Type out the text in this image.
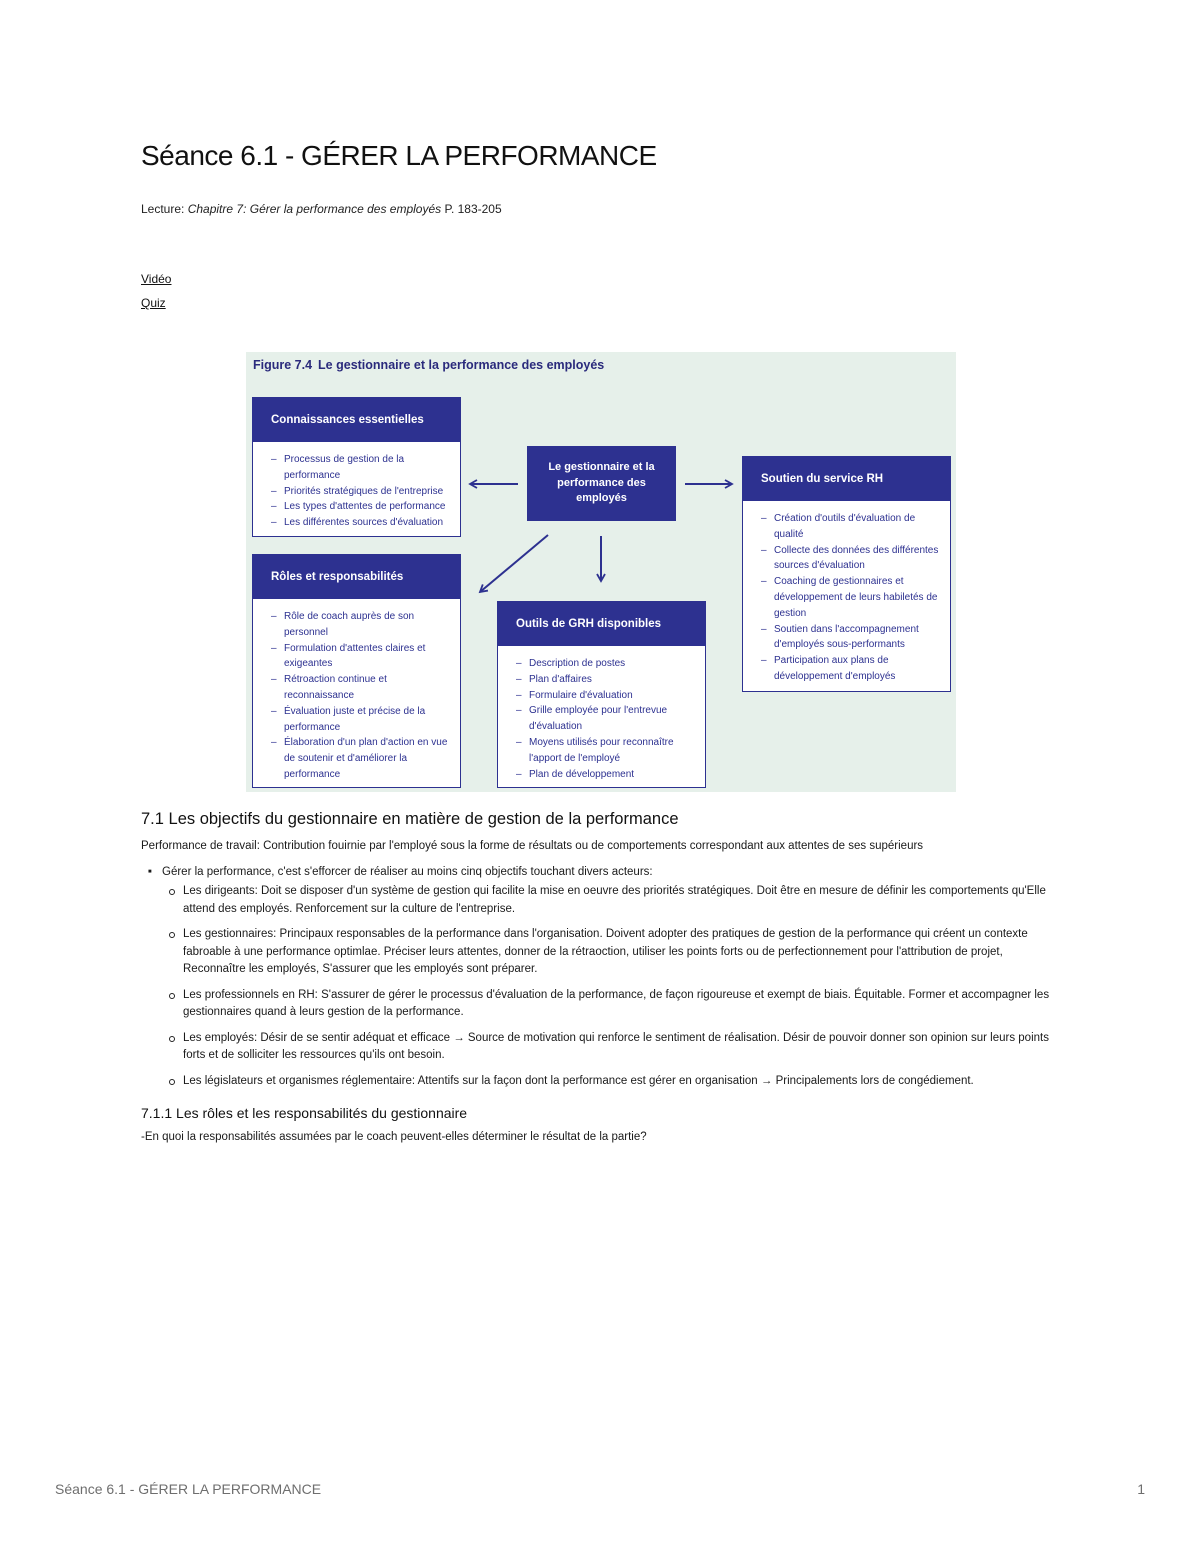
Séance 6.1 - GÉRER LA PERFORMANCE
Lecture: Chapitre 7: Gérer la performance des employés P. 183-205
Vidéo
Quiz
Figure 7.4 Le gestionnaire et la performance des employés
Le gestionnaire et la performance des employés
Connaissances essentielles
– Processus de gestion de la performance
– Priorités stratégiques de l'entreprise
– Les types d'attentes de performance
– Les différentes sources d'évaluation
Soutien du service RH
– Création d'outils d'évaluation de qualité
– Collecte des données des différentes sources d'évaluation
– Coaching de gestionnaires et développement de leurs habiletés de gestion
– Soutien dans l'accompagnement d'employés sous-performants
– Participation aux plans de développement d'employés
Rôles et responsabilités
– Rôle de coach auprès de son personnel
– Formulation d'attentes claires et exigeantes
– Rétroaction continue et reconnaissance
– Évaluation juste et précise de la performance
– Élaboration d'un plan d'action en vue de soutenir et d'améliorer la performance
Outils de GRH disponibles
– Description de postes
– Plan d'affaires
– Formulaire d'évaluation
– Grille employée pour l'entrevue d'évaluation
– Moyens utilisés pour reconnaître l'apport de l'employé
– Plan de développement
7.1 Les objectifs du gestionnaire en matière de gestion de la performance
Performance de travail: Contribution fouirnie par l'employé sous la forme de résultats ou de comportements correspondant aux attentes de ses supérieurs
■ Gérer la performance, c'est s'efforcer de réaliser au moins cinq objectifs touchant divers acteurs:
Les dirigeants: Doit se disposer d'un système de gestion qui facilite la mise en oeuvre des priorités stratégiques. Doit être en mesure de définir les comportements qu'Elle attend des employés. Renforcement sur la culture de l'entreprise.
Les gestionnaires: Principaux responsables de la performance dans l'organisation. Doivent adopter des pratiques de gestion de la performance qui créent un contexte fabroable à une performance optimlae. Préciser leurs attentes, donner de la rétraoction, utiliser les points forts ou de perfectionnement pour l'attribution de projet, Reconnaître les employés, S'assurer que les employés sont préparer.
Les professionnels en RH: S'assurer de gérer le processus d'évaluation de la performance, de façon rigoureuse et exempt de biais. Équitable. Former et accompagner les gestionnaires quand à leurs gestion de la performance.
Les employés: Désir de se sentir adéquat et efficace → Source de motivation qui renforce le sentiment de réalisation. Désir de pouvoir donner son opinion sur leurs points forts et de solliciter les ressources qu'ils ont besoin.
Les législateurs et organismes réglementaire: Attentifs sur la façon dont la performance est gérer en organisation → Principalements lors de congédiement.
7.1.1 Les rôles et les responsabilités du gestionnaire
-En quoi la responsabilités assumées par le coach peuvent-elles déterminer le résultat de la partie?
Séance 6.1 - GÉRER LA PERFORMANCE	1
